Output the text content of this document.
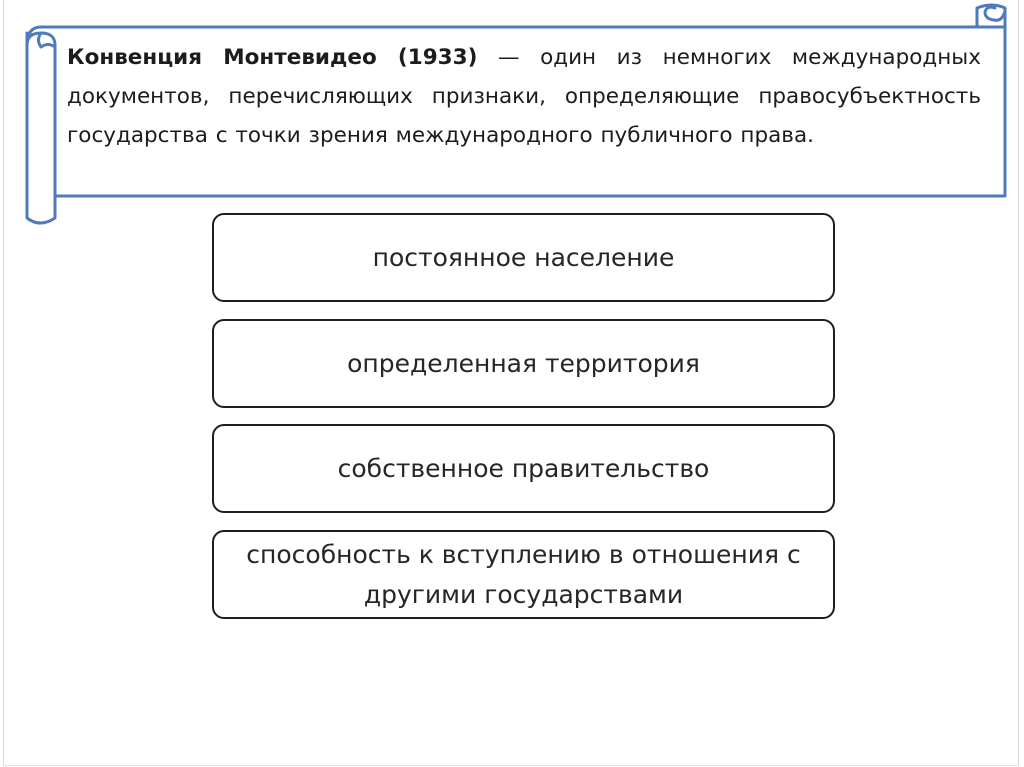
Конвенция Монтевидео (1933) — один из немногих международных документов, перечисляющих признаки, определяющие правосубъектность государства с точки зрения международного публичного права.

постоянное население
определенная территория
собственное правительство
способность к вступлению в отношения с другими государствами
